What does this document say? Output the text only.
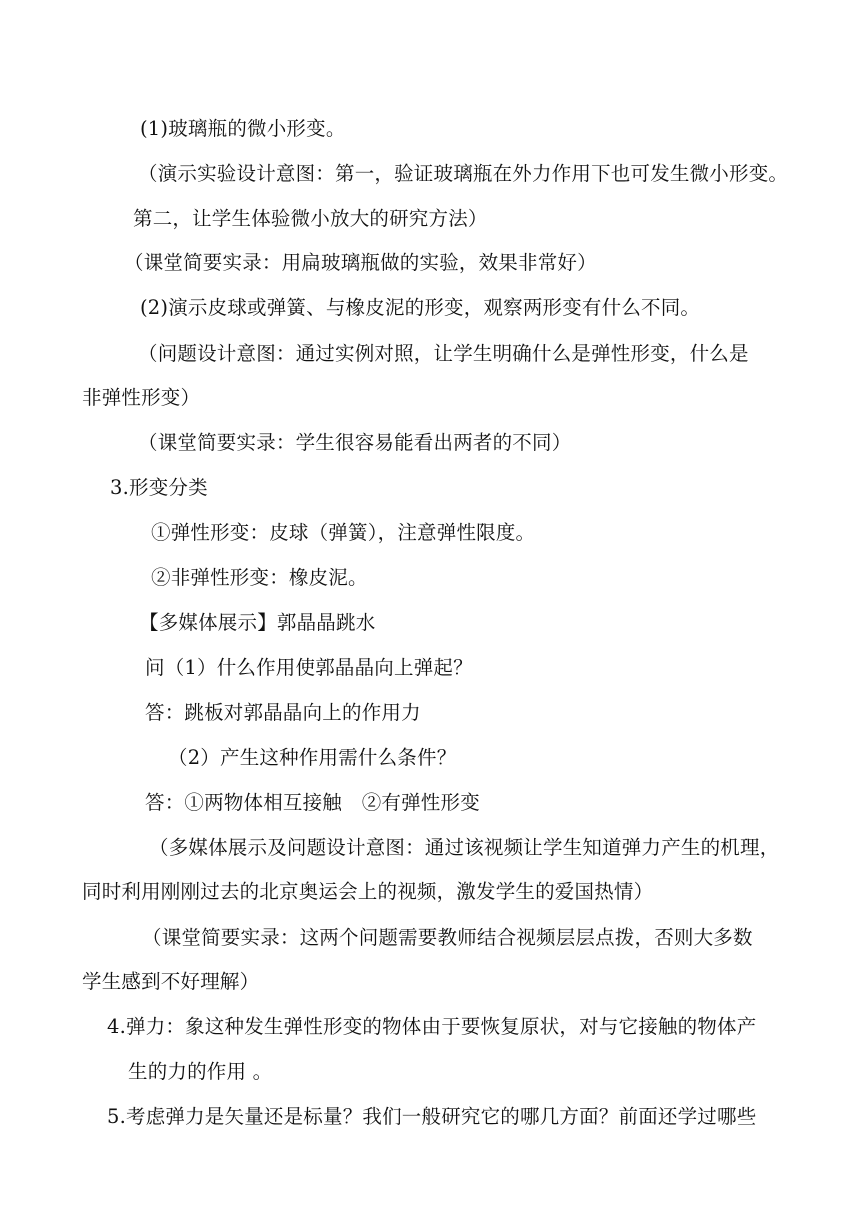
(1)玻璃瓶的微小形变。
（演示实验设计意图：第一，验证玻璃瓶在外力作用下也可发生微小形变。
第二，让学生体验微小放大的研究方法）
（课堂简要实录：用扁玻璃瓶做的实验，效果非常好）
(2)演示皮球或弹簧、与橡皮泥的形变，观察两形变有什么不同。
（问题设计意图：通过实例对照，让学生明确什么是弹性形变，什么是
非弹性形变）
（课堂简要实录：学生很容易能看出两者的不同）
3.形变分类
①弹性形变：皮球（弹簧），注意弹性限度。
②非弹性形变：橡皮泥。
【多媒体展示】郭晶晶跳水
问（1）什么作用使郭晶晶向上弹起？
答：跳板对郭晶晶向上的作用力
（2）产生这种作用需什么条件？
答：①两物体相互接触　②有弹性形变
（多媒体展示及问题设计意图：通过该视频让学生知道弹力产生的机理，
同时利用刚刚过去的北京奥运会上的视频，激发学生的爱国热情）
（课堂简要实录：这两个问题需要教师结合视频层层点拨，否则大多数
学生感到不好理解）
4.弹力：象这种发生弹性形变的物体由于要恢复原状，对与它接触的物体产
生的力的作用 。
5.考虑弹力是矢量还是标量？我们一般研究它的哪几方面？前面还学过哪些
